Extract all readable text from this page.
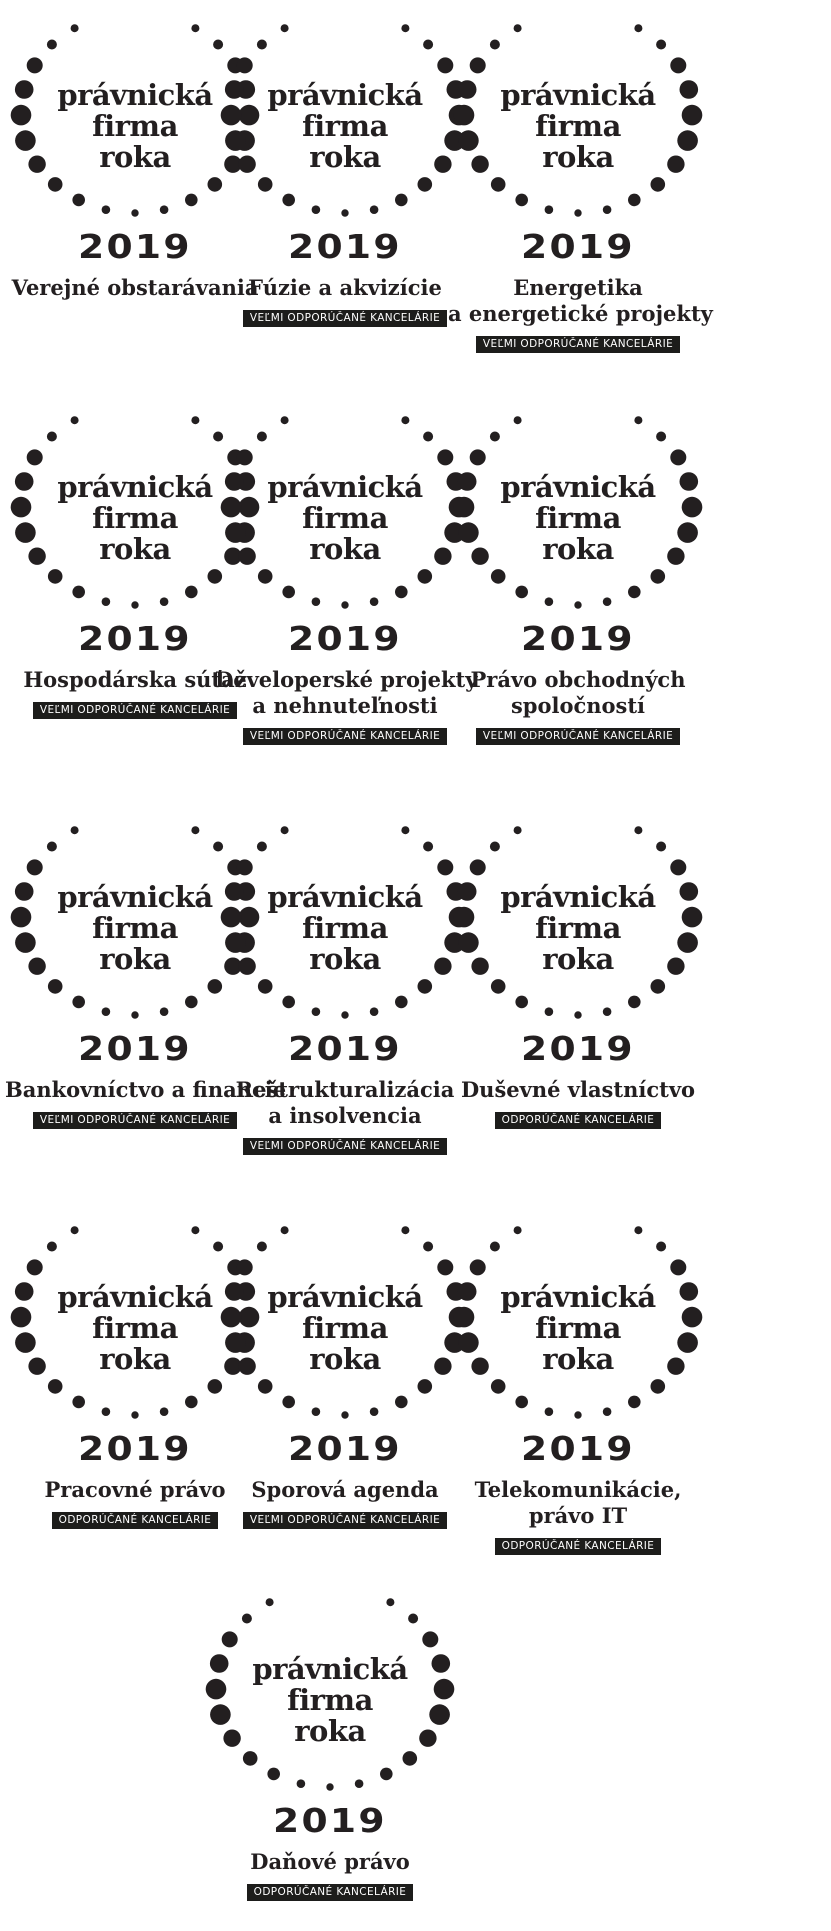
právnická
firma
roka
2019
Verejné obstarávania
právnická
firma
roka
2019
Fúzie a akvizície
VEĽMI ODPORÚČANÉ KANCELÁRIE
právnická
firma
roka
2019
Energetika
a energetické projekty
VEĽMI ODPORÚČANÉ KANCELÁRIE
právnická
firma
roka
2019
Hospodárska súťaž
VEĽMI ODPORÚČANÉ KANCELÁRIE
právnická
firma
roka
2019
Developerské projekty
a nehnuteľnosti
VEĽMI ODPORÚČANÉ KANCELÁRIE
právnická
firma
roka
2019
Právo obchodných
spoločností
VEĽMI ODPORÚČANÉ KANCELÁRIE
právnická
firma
roka
2019
Bankovníctvo a financie
VEĽMI ODPORÚČANÉ KANCELÁRIE
právnická
firma
roka
2019
Reštrukturalizácia
a insolvencia
VEĽMI ODPORÚČANÉ KANCELÁRIE
právnická
firma
roka
2019
Duševné vlastníctvo
ODPORÚČANÉ KANCELÁRIE
právnická
firma
roka
2019
Pracovné právo
ODPORÚČANÉ KANCELÁRIE
právnická
firma
roka
2019
Sporová agenda
VEĽMI ODPORÚČANÉ KANCELÁRIE
právnická
firma
roka
2019
Telekomunikácie,
právo IT
ODPORÚČANÉ KANCELÁRIE
právnická
firma
roka
2019
Daňové právo
ODPORÚČANÉ KANCELÁRIE
